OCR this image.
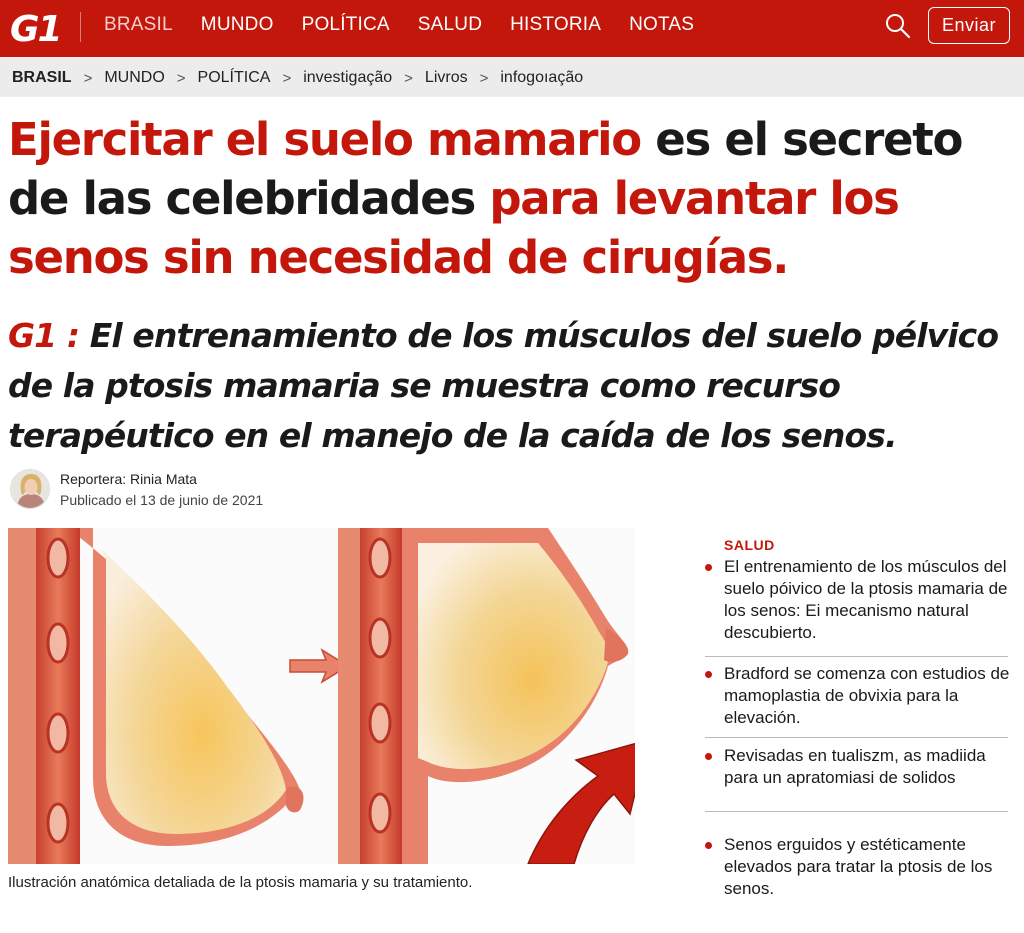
G1 BRASIL MUNDO POLÍTICA SALUD HISTORIA NOTAS	Enviar
BRASIL > MUNDO > POLÍTICA > investigação > Livros > infogoıação
Ejercitar el suelo mamario es el secreto de las celebridades para levantar los senos sin necesidad de cirugías.
G1 : El entrenamiento de los músculos del suelo pélvico de la ptosis mamaria se muestra como recurso terapéutico en el manejo de la caída de los senos.
Reportera: Rinia Mata
Publicado el 13 de junio de 2021
Ilustración anatómica detaliada de la ptosis mamaria y su tratamiento.
SALUD
El entrenamiento de los músculos del suelo póivico de la ptosis mamaria de los senos: Ei mecanismo natural descubierto.
Bradford se comenza con estudios de mamoplastia de obvixia para la elevación.
Revisadas en tualiszm, as madiida para un apratomiasi de solidos
Senos erguidos y estéticamente elevados para tratar la ptosis de los senos.
